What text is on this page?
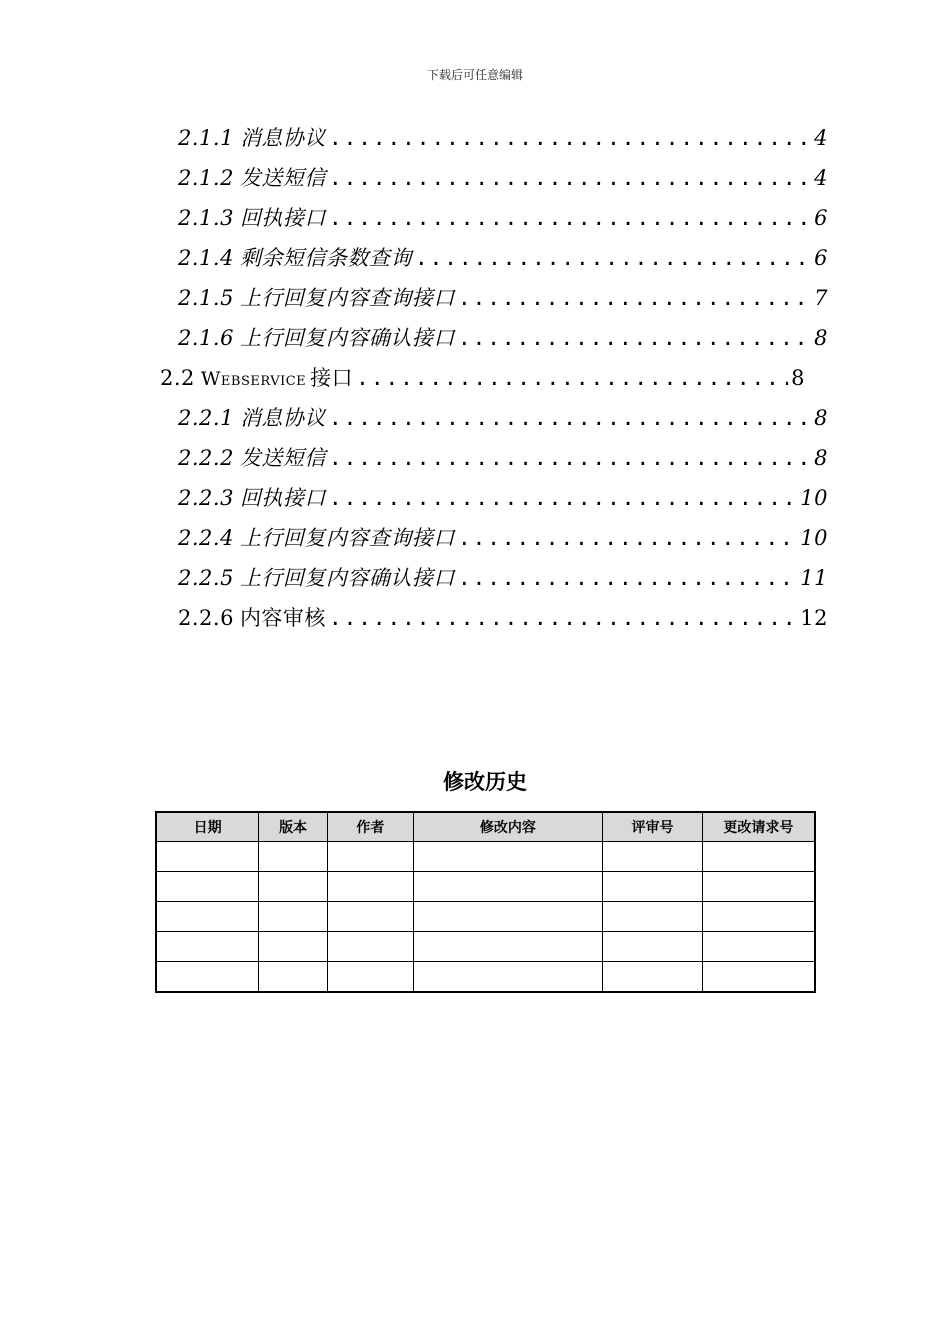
下载后可任意编辑
2.1.1 消息协议 .....	4
2.1.2 发送短信 .....	4
2.1.3 回执接口 .....	6
2.1.4 剩余短信条数查询 .....	6
2.1.5 上行回复内容查询接口 .....	7
2.1.6 上行回复内容确认接口 .....	8
2.2 Webservice 接口 .....	8
2.2.1 消息协议 .....	8
2.2.2 发送短信 .....	8
2.2.3 回执接口 .....	10
2.2.4 上行回复内容查询接口 .....	10
2.2.5 上行回复内容确认接口 .....	11
2.2.6 内容审核 .....	12
修改历史
日期	版本	作者	修改内容	评审号	更改请求号
